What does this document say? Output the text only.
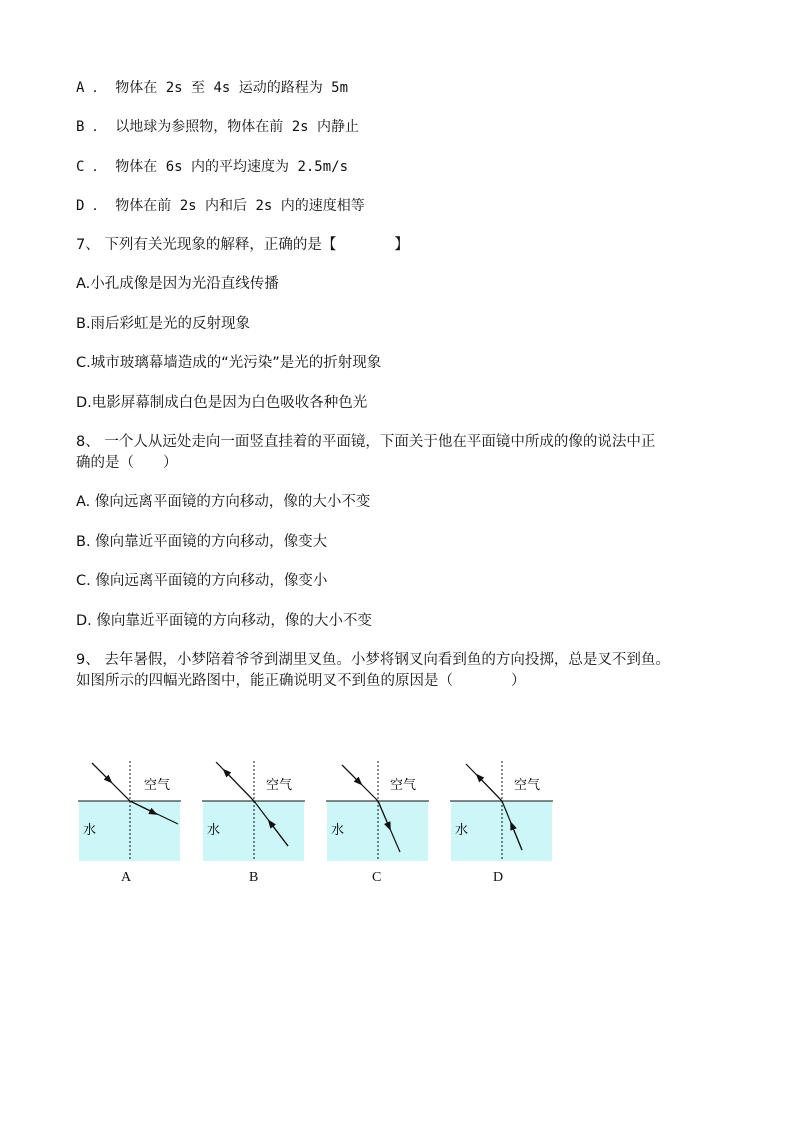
A ． 物体在 2s 至 4s 运动的路程为 5m
B ． 以地球为参照物，物体在前 2s 内静止
C ． 物体在 6s 内的平均速度为 2.5m/s
D ． 物体在前 2s 内和后 2s 内的速度相等
7、 下列有关光现象的解释，正确的是【　　　　】
A.小孔成像是因为光沿直线传播
B.雨后彩虹是光的反射现象
C.城市玻璃幕墙造成的“光污染”是光的折射现象
D.电影屏幕制成白色是因为白色吸收各种色光
8、 一个人从远处走向一面竖直挂着的平面镜，下面关于他在平面镜中所成的像的说法中正
确的是（　　）
A. 像向远离平面镜的方向移动，像的大小不变
B. 像向靠近平面镜的方向移动，像变大
C. 像向远离平面镜的方向移动，像变小
D. 像向靠近平面镜的方向移动，像的大小不变
9、 去年暑假，小梦陪着爷爷到湖里叉鱼。小梦将钢叉向看到鱼的方向投掷，总是叉不到鱼。
如图所示的四幅光路图中，能正确说明叉不到鱼的原因是（　　　　）
空气
水
A
空气
水
B
空气
水
C
空气
水
D
